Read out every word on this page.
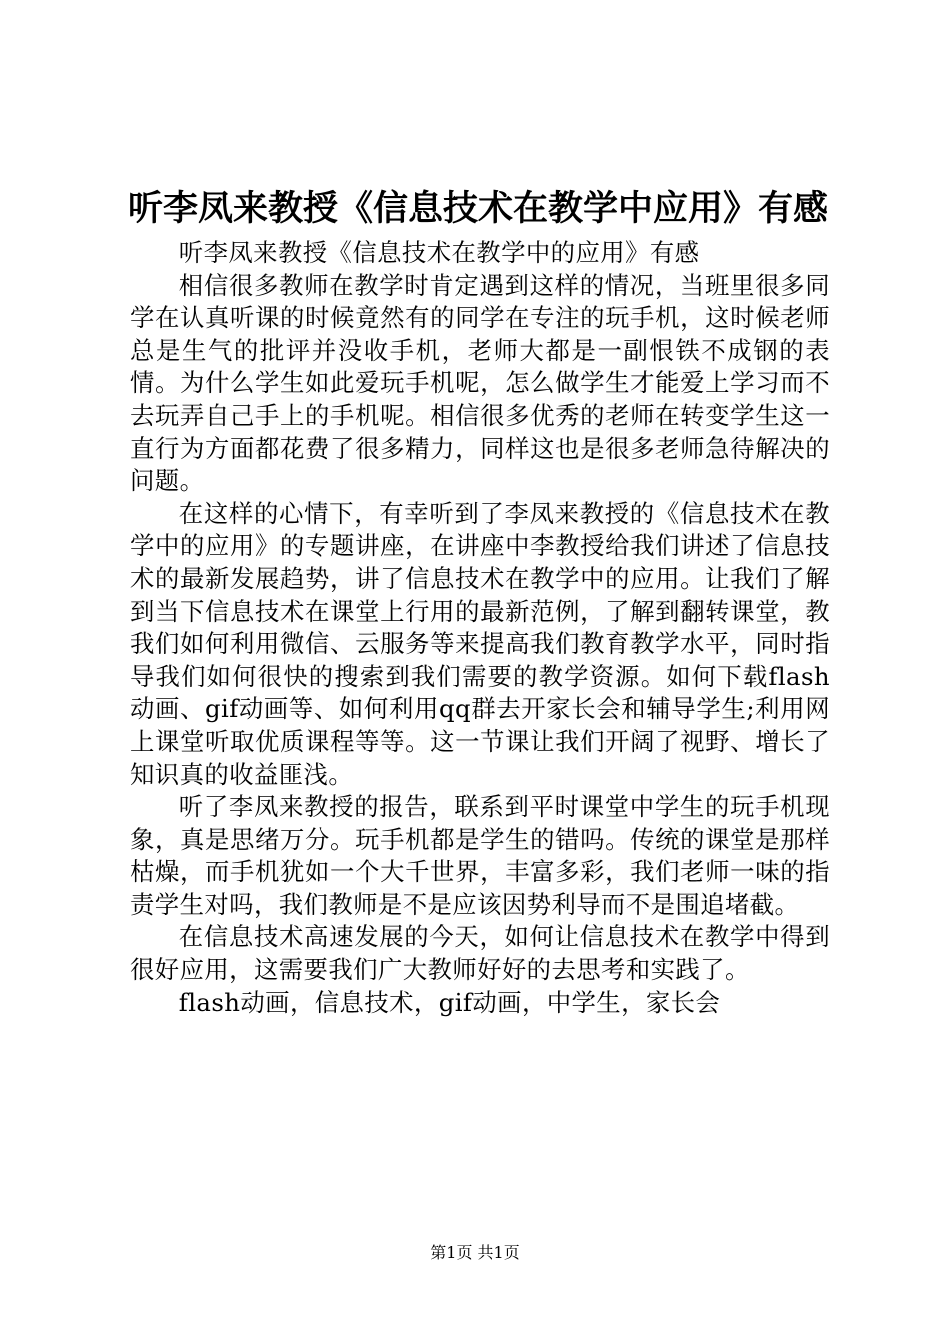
听李凤来教授《信息技术在教学中应用》有感

听李凤来教授《信息技术在教学中的应用》有感

相信很多教师在教学时肯定遇到这样的情况，当班里很多同学在认真听课的时候竟然有的同学在专注的玩手机，这时候老师总是生气的批评并没收手机，老师大都是一副恨铁不成钢的表情。为什么学生如此爱玩手机呢，怎么做学生才能爱上学习而不去玩弄自己手上的手机呢。相信很多优秀的老师在转变学生这一直行为方面都花费了很多精力，同样这也是很多老师急待解决的问题。

在这样的心情下，有幸听到了李凤来教授的《信息技术在教学中的应用》的专题讲座，在讲座中李教授给我们讲述了信息技术的最新发展趋势，讲了信息技术在教学中的应用。让我们了解到当下信息技术在课堂上行用的最新范例，了解到翻转课堂，教我们如何利用微信、云服务等来提高我们教育教学水平，同时指导我们如何很快的搜索到我们需要的教学资源。如何下载flash动画、gif动画等、如何利用qq群去开家长会和辅导学生;利用网上课堂听取优质课程等等。这一节课让我们开阔了视野、增长了知识真的收益匪浅。

听了李凤来教授的报告，联系到平时课堂中学生的玩手机现象，真是思绪万分。玩手机都是学生的错吗。传统的课堂是那样枯燥，而手机犹如一个大千世界，丰富多彩，我们老师一味的指责学生对吗，我们教师是不是应该因势利导而不是围追堵截。

在信息技术高速发展的今天，如何让信息技术在教学中得到很好应用，这需要我们广大教师好好的去思考和实践了。

flash动画，信息技术，gif动画，中学生，家长会

第1页 共1页
